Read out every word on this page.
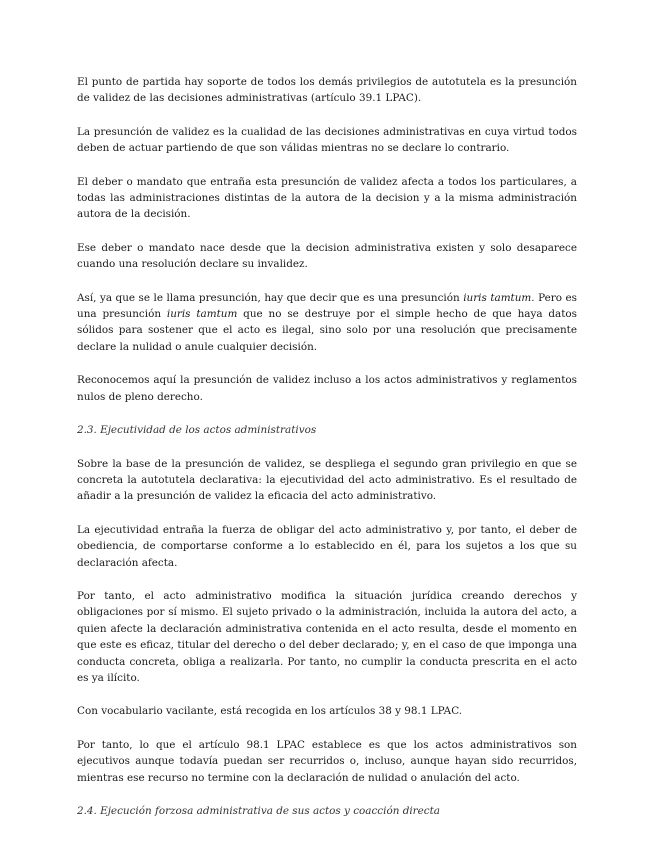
El punto de partida hay soporte de todos los demás privilegios de autotutela es la presunción de validez de las decisiones administrativas (artículo 39.1 LPAC).

La presunción de validez es la cualidad de las decisiones administrativas en cuya virtud todos deben de actuar partiendo de que son válidas mientras no se declare lo contrario.

El deber o mandato que entraña esta presunción de validez afecta a todos los particulares, a todas las administraciones distintas de la autora de la decision y a la misma administración autora de la decisión.

Ese deber o mandato nace desde que la decision administrativa existen y solo desaparece cuando una resolución declare su invalidez.

Así, ya que se le llama presunción, hay que decir que es una presunción iuris tamtum. Pero es una presunción iuris tamtum que no se destruye por el simple hecho de que haya datos sólidos para sostener que el acto es ilegal, sino solo por una resolución que precisamente declare la nulidad o anule cualquier decisión.

Reconocemos aquí la presunción de validez incluso a los actos administrativos y reglamentos nulos de pleno derecho.

2.3. Ejecutividad de los actos administrativos

Sobre la base de la presunción de validez, se despliega el segundo gran privilegio en que se concreta la autotutela declarativa: la ejecutividad del acto administrativo. Es el resultado de añadir a la presunción de validez la eficacia del acto administrativo.

La ejecutividad entraña la fuerza de obligar del acto administrativo y, por tanto, el deber de obediencia, de comportarse conforme a lo establecido en él, para los sujetos a los que su declaración afecta.

Por tanto, el acto administrativo modifica la situación jurídica creando derechos y obligaciones por sí mismo. El sujeto privado o la administración, incluida la autora del acto, a quien afecte la declaración administrativa contenida en el acto resulta, desde el momento en que este es eficaz, titular del derecho o del deber declarado; y, en el caso de que imponga una conducta concreta, obliga a realizarla. Por tanto, no cumplir la conducta prescrita en el acto es ya ilícito.

Con vocabulario vacilante, está recogida en los artículos 38 y 98.1 LPAC.

Por tanto, lo que el artículo 98.1 LPAC establece es que los actos administrativos son ejecutivos aunque todavía puedan ser recurridos o, incluso, aunque hayan sido recurridos, mientras ese recurso no termine con la declaración de nulidad o anulación del acto.

2.4. Ejecución forzosa administrativa de sus actos y coacción directa
